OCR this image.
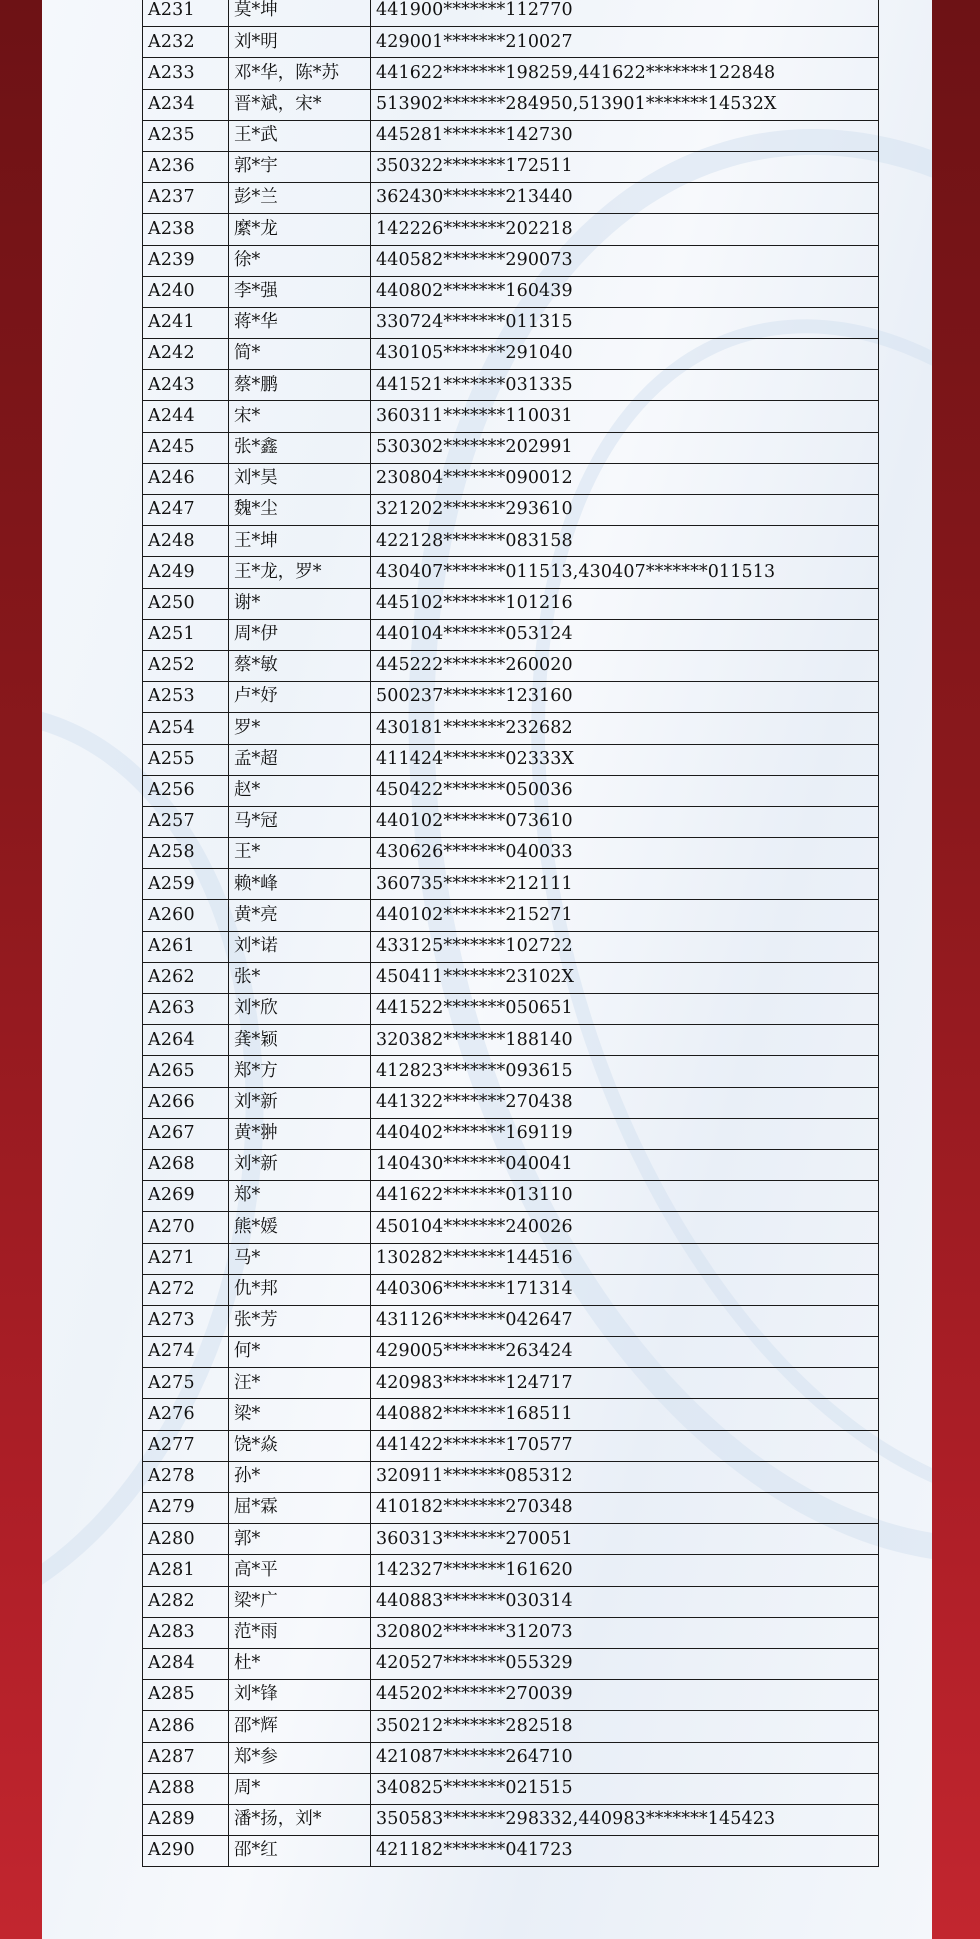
A231	莫*坤	441900*******112770
A232	刘*明	429001*******210027
A233	邓*华，陈*苏	441622*******198259,441622*******122848
A234	晋*斌，宋*	513902*******284950,513901*******14532X
A235	王*武	445281*******142730
A236	郭*宇	350322*******172511
A237	彭*兰	362430*******213440
A238	縻*龙	142226*******202218
A239	徐*	440582*******290073
A240	李*强	440802*******160439
A241	蒋*华	330724*******011315
A242	简*	430105*******291040
A243	蔡*鹏	441521*******031335
A244	宋*	360311*******110031
A245	张*鑫	530302*******202991
A246	刘*昊	230804*******090012
A247	魏*尘	321202*******293610
A248	王*坤	422128*******083158
A249	王*龙，罗*	430407*******011513,430407*******011513
A250	谢*	445102*******101216
A251	周*伊	440104*******053124
A252	蔡*敏	445222*******260020
A253	卢*妤	500237*******123160
A254	罗*	430181*******232682
A255	孟*超	411424*******02333X
A256	赵*	450422*******050036
A257	马*冠	440102*******073610
A258	王*	430626*******040033
A259	赖*峰	360735*******212111
A260	黄*亮	440102*******215271
A261	刘*诺	433125*******102722
A262	张*	450411*******23102X
A263	刘*欣	441522*******050651
A264	龚*颖	320382*******188140
A265	郑*方	412823*******093615
A266	刘*新	441322*******270438
A267	黄*翀	440402*******169119
A268	刘*新	140430*******040041
A269	郑*	441622*******013110
A270	熊*媛	450104*******240026
A271	马*	130282*******144516
A272	仇*邦	440306*******171314
A273	张*芳	431126*******042647
A274	何*	429005*******263424
A275	汪*	420983*******124717
A276	梁*	440882*******168511
A277	饶*焱	441422*******170577
A278	孙*	320911*******085312
A279	屈*霖	410182*******270348
A280	郭*	360313*******270051
A281	高*平	142327*******161620
A282	梁*广	440883*******030314
A283	范*雨	320802*******312073
A284	杜*	420527*******055329
A285	刘*锋	445202*******270039
A286	邵*辉	350212*******282518
A287	郑*参	421087*******264710
A288	周*	340825*******021515
A289	潘*扬，刘*	350583*******298332,440983*******145423
A290	邵*红	421182*******041723
